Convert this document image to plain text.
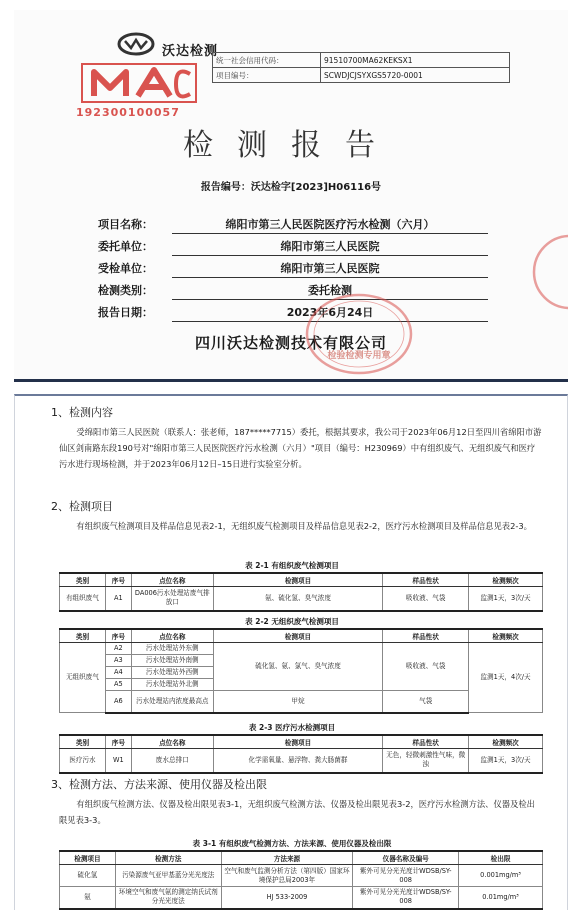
沃达检测
192300100057
统一社会信用代码：	91510700MA62KEKSX1
项目编号：	SCWDJCJSYXGS5720-0001
检测报告
报告编号：沃达检字[2023]H06116号
项目名称：	绵阳市第三人民医院医疗污水检测（六月）
委托单位：	绵阳市第三人民医院
受检单位：	绵阳市第三人民医院
检测类别：	委托检测
报告日期：	2023年6月24日
四川沃达检测技术有限公司
检验检测专用章
1、检测内容
受绵阳市第三人民医院（联系人：张老师，187*****7715）委托，根据其要求，我公司于2023年06月12日至四川省绵阳市游仙区剑南路东段190号对"绵阳市第三人民医院医疗污水检测（六月）"项目（编号：H230969）中有组织废气、无组织废气和医疗污水进行现场检测，并于2023年06月12日–15日进行实验室分析。
2、检测项目
有组织废气检测项目及样品信息见表2-1，无组织废气检测项目及样品信息见表2-2，医疗污水检测项目及样品信息见表2-3。
表 2-1 有组织废气检测项目
类别	序号	点位名称	检测项目	样品性状	检测频次
有组织废气	A1	DA006污水处理站废气排放口	氨、硫化氢、臭气浓度	吸收液、气袋	监测1天，3次/天
表 2-2 无组织废气检测项目
类别	序号	点位名称	检测项目	样品性状	检测频次
无组织废气	A2	污水处理站外东侧	硫化氢、氨、氯气、臭气浓度	吸收液、气袋	监测1天，4次/天
	A3	污水处理站外南侧			
	A4	污水处理站外西侧			
	A5	污水处理站外北侧			
	A6	污水处理站内浓度最高点	甲烷	气袋	
表 2-3 医疗污水检测项目
类别	序号	点位名称	检测项目	样品性状	检测频次
医疗污水	W1	废水总排口	化学需氧量、悬浮物、粪大肠菌群	无色，轻微刺激性气味，微浊	监测1天，3次/天
3、检测方法、方法来源、使用仪器及检出限
有组织废气检测方法、仪器及检出限见表3-1，无组织废气检测方法、仪器及检出限见表3-2，医疗污水检测方法、仪器及检出限见表3-3。
表 3-1 有组织废气检测方法、方法来源、使用仪器及检出限
检测项目	检测方法	方法来源	仪器名称及编号	检出限
硫化氢	污染源废气亚甲基蓝分光光度法	空气和废气监测分析方法（第四版）国家环境保护总局2003年	紫外可见分光光度计WDSB/SY-008	0.001mg/m³
氨	环境空气和废气氨的测定纳氏试剂分光光度法	HJ 533-2009	紫外可见分光光度计WDSB/SY-008	0.01mg/m³
